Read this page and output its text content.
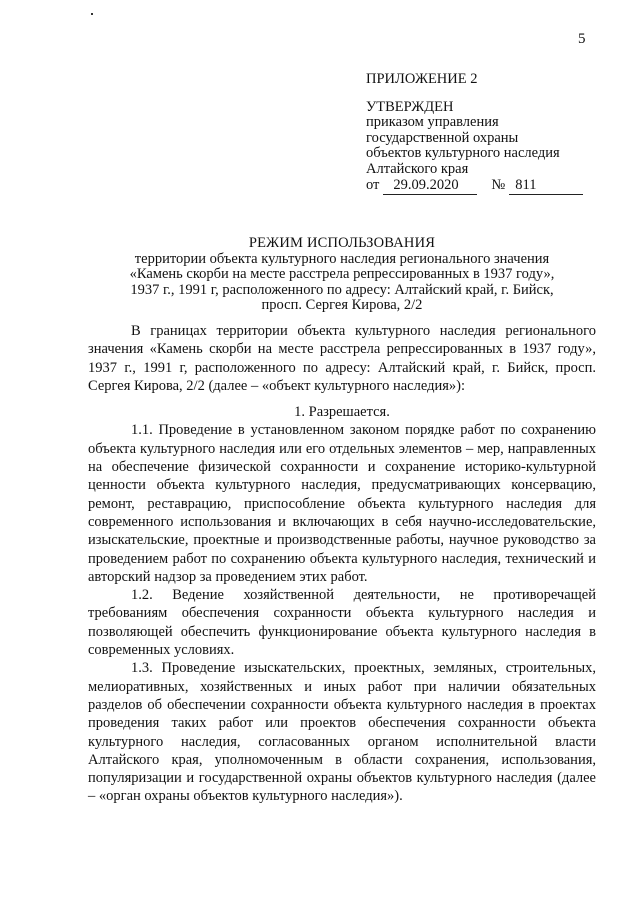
5
ПРИЛОЖЕНИЕ 2
УТВЕРЖДЕН
приказом управления
государственной охраны
объектов культурного наследия
Алтайского края
от 29.09.2020 № 811
РЕЖИМ ИСПОЛЬЗОВАНИЯ
территории объекта культурного наследия регионального значения
«Камень скорби на месте расстрела репрессированных в 1937 году»,
1937 г., 1991 г, расположенного по адресу: Алтайский край, г. Бийск,
просп. Сергея Кирова, 2/2

В границах территории объекта культурного наследия регионального значения «Камень скорби на месте расстрела репрессированных в 1937 году», 1937 г., 1991 г, расположенного по адресу: Алтайский край, г. Бийск, просп. Сергея Кирова, 2/2 (далее – «объект культурного наследия»):

1. Разрешается.

1.1. Проведение в установленном законом порядке работ по сохранению объекта культурного наследия или его отдельных элементов – мер, направленных на обеспечение физической сохранности и сохранение историко-культурной ценности объекта культурного наследия, предусматривающих консервацию, ремонт, реставрацию, приспособление объекта культурного наследия для современного использования и включающих в себя научно-исследовательские, изыскательские, проектные и производственные работы, научное руководство за проведением работ по сохранению объекта культурного наследия, технический и авторский надзор за проведением этих работ.

1.2. Ведение хозяйственной деятельности, не противоречащей требованиям обеспечения сохранности объекта культурного наследия и позволяющей обеспечить функционирование объекта культурного наследия в современных условиях.

1.3. Проведение изыскательских, проектных, земляных, строительных, мелиоративных, хозяйственных и иных работ при наличии обязательных разделов об обеспечении сохранности объекта культурного наследия в проектах проведения таких работ или проектов обеспечения сохранности объекта культурного наследия, согласованных органом исполнительной власти Алтайского края, уполномоченным в области сохранения, использования, популяризации и государственной охраны объектов культурного наследия (далее – «орган охраны объектов культурного наследия»).
